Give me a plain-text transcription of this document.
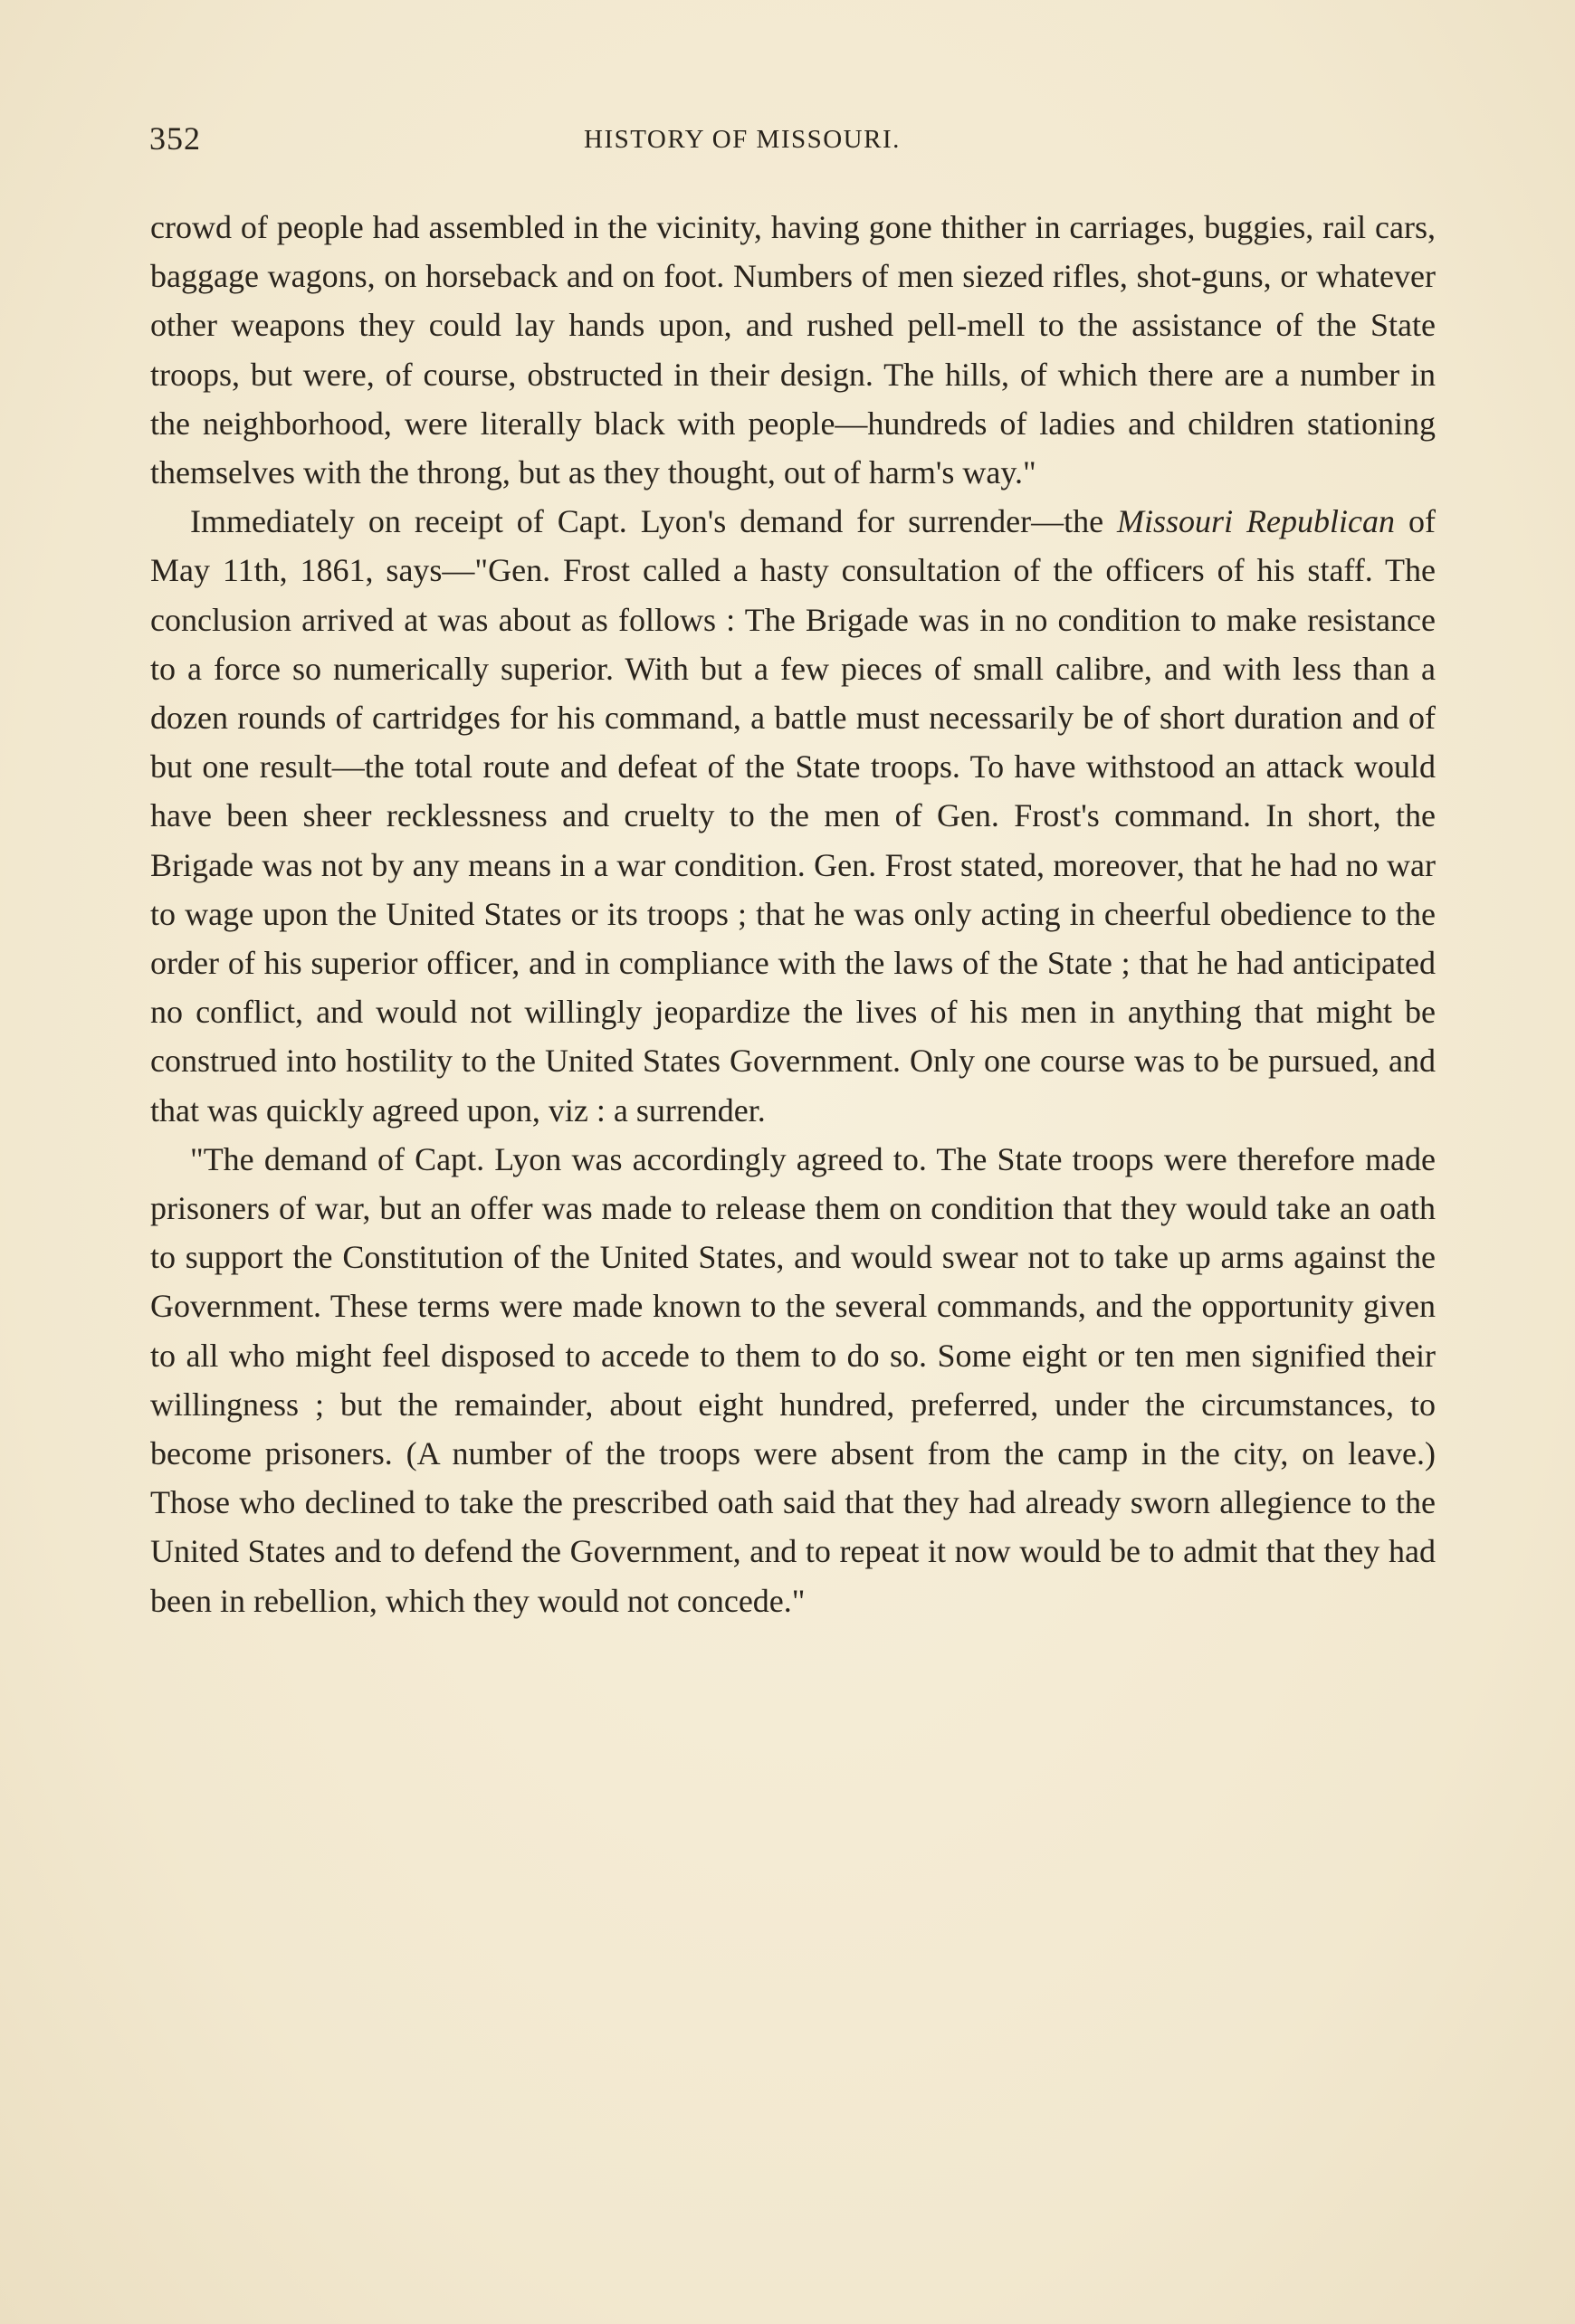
352	HISTORY OF MISSOURI.

crowd of people had assembled in the vicinity, having gone thither in carriages, buggies, rail cars, baggage wagons, on horseback and on foot. Numbers of men siezed rifles, shot-guns, or whatever other weapons they could lay hands upon, and rushed pell-mell to the assistance of the State troops, but were, of course, obstructed in their design. The hills, of which there are a number in the neighborhood, were literally black with people—hundreds of ladies and children stationing themselves with the throng, but as they thought, out of harm's way."

Immediately on receipt of Capt. Lyon's demand for surrender—the Missouri Republican of May 11th, 1861, says—"Gen. Frost called a hasty consultation of the officers of his staff. The conclusion arrived at was about as follows : The Brigade was in no condition to make resistance to a force so numerically superior. With but a few pieces of small calibre, and with less than a dozen rounds of cartridges for his command, a battle must necessarily be of short duration and of but one result—the total route and defeat of the State troops. To have withstood an attack would have been sheer recklessness and cruelty to the men of Gen. Frost's command. In short, the Brigade was not by any means in a war condition. Gen. Frost stated, moreover, that he had no war to wage upon the United States or its troops ; that he was only acting in cheerful obedience to the order of his superior officer, and in compliance with the laws of the State ; that he had anticipated no conflict, and would not willingly jeopardize the lives of his men in anything that might be construed into hostility to the United States Government. Only one course was to be pursued, and that was quickly agreed upon, viz : a surrender.

"The demand of Capt. Lyon was accordingly agreed to. The State troops were therefore made prisoners of war, but an offer was made to release them on condition that they would take an oath to support the Constitution of the United States, and would swear not to take up arms against the Government. These terms were made known to the several commands, and the opportunity given to all who might feel disposed to accede to them to do so. Some eight or ten men signified their willingness ; but the remainder, about eight hundred, preferred, under the circumstances, to become prisoners. (A number of the troops were absent from the camp in the city, on leave.) Those who declined to take the prescribed oath said that they had already sworn allegience to the United States and to defend the Government, and to repeat it now would be to admit that they had been in rebellion, which they would not concede."
